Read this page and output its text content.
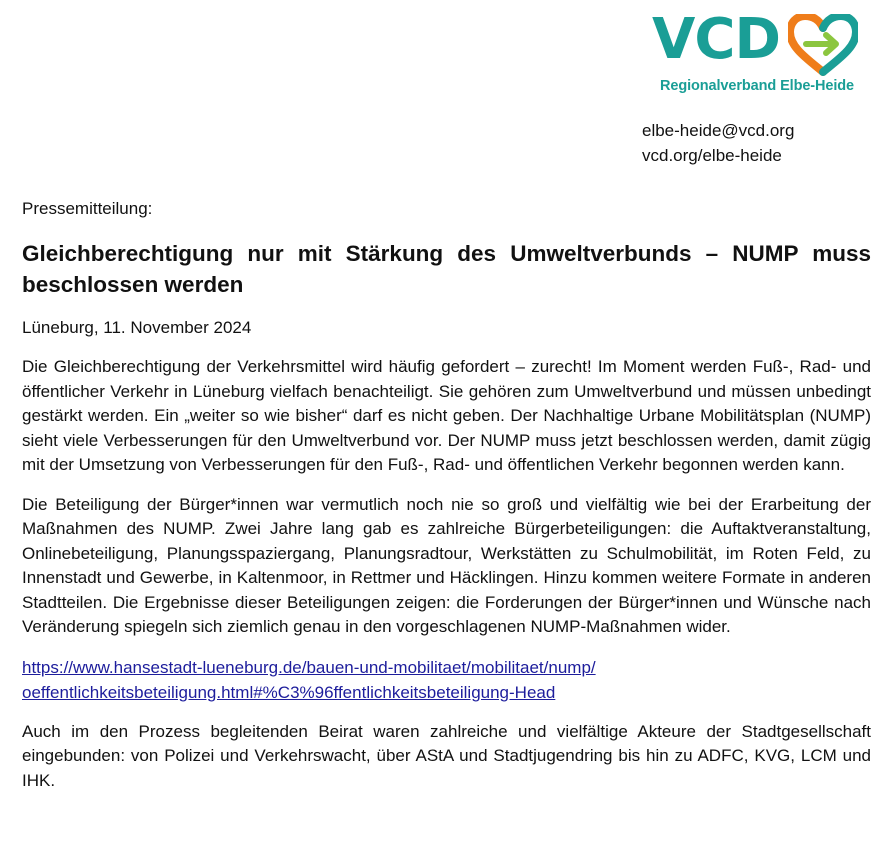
VCD
Regionalverband Elbe-Heide
elbe-heide@vcd.org
vcd.org/elbe-heide

Pressemitteilung:

Gleichberechtigung nur mit Stärkung des Umweltverbunds – NUMP muss beschlossen werden

Lüneburg, 11. November 2024

Die Gleichberechtigung der Verkehrsmittel wird häufig gefordert – zurecht! Im Moment werden Fuß-, Rad- und öffentlicher Verkehr in Lüneburg vielfach benachteiligt. Sie gehören zum Umweltverbund und müssen unbedingt gestärkt werden. Ein „weiter so wie bisher“ darf es nicht geben. Der Nachhaltige Urbane Mobilitätsplan (NUMP) sieht viele Verbesserungen für den Umweltverbund vor. Der NUMP muss jetzt beschlossen werden, damit zügig mit der Umsetzung von Verbesserungen für den Fuß-, Rad- und öffentlichen Verkehr begonnen werden kann.

Die Beteiligung der Bürger*innen war vermutlich noch nie so groß und vielfältig wie bei der Erarbeitung der Maßnahmen des NUMP. Zwei Jahre lang gab es zahlreiche Bürgerbeteiligungen: die Auftaktveranstaltung, Onlinebeteiligung, Planungsspaziergang, Planungsradtour, Werkstätten zu Schulmobilität, im Roten Feld, zu Innenstadt und Gewerbe, in Kaltenmoor, in Rettmer und Häcklingen. Hinzu kommen weitere Formate in anderen Stadtteilen. Die Ergebnisse dieser Beteiligungen zeigen: die Forderungen der Bürger*innen und Wünsche nach Veränderung spiegeln sich ziemlich genau in den vorgeschlagenen NUMP-Maßnahmen wider.

https://www.hansestadt-lueneburg.de/bauen-und-mobilitaet/mobilitaet/nump/
oeffentlichkeitsbeteiligung.html#%C3%96ffentlichkeitsbeteiligung-Head

Auch im den Prozess begleitenden Beirat waren zahlreiche und vielfältige Akteure der Stadtgesellschaft eingebunden: von Polizei und Verkehrswacht, über AStA und Stadtjugendring bis hin zu ADFC, KVG, LCM und IHK.
